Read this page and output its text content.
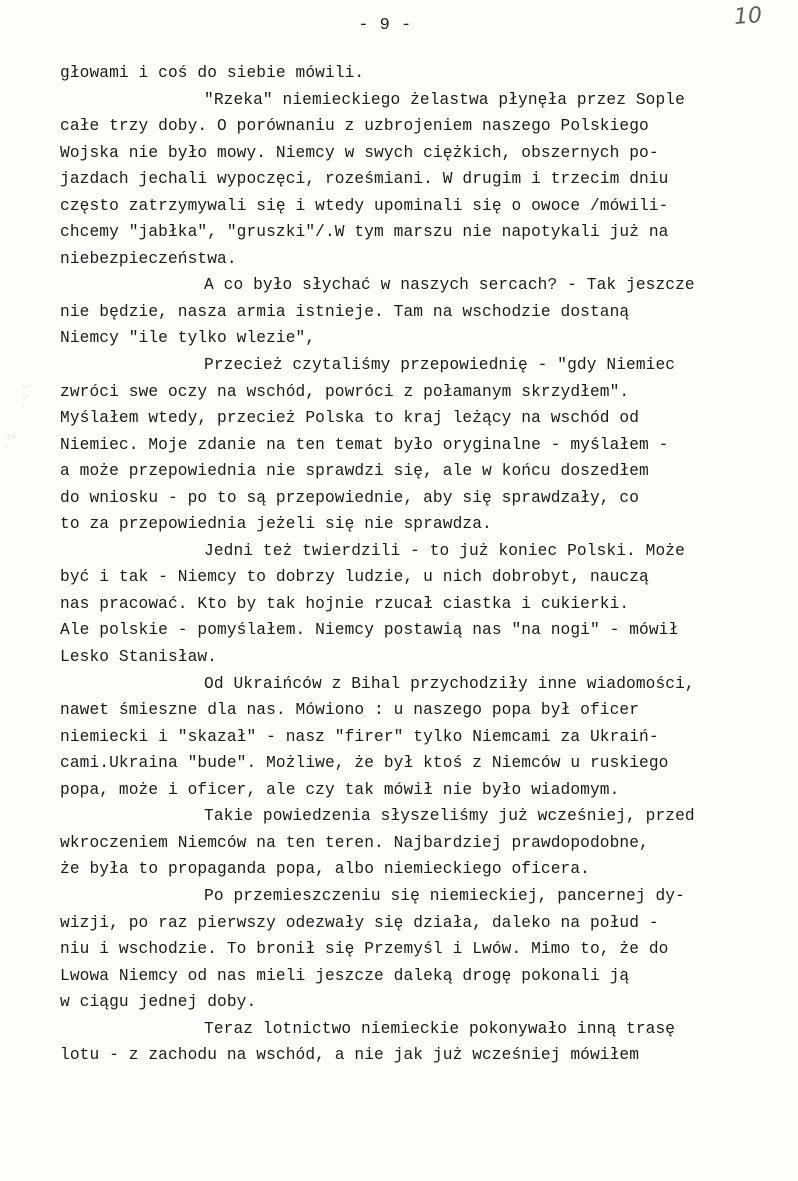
- 9 -	10
·-·-·
·:·-·
głowami i coś do siebie mówili.
"Rzeka" niemieckiego żelastwa płynęła przez Sople
całe trzy doby. O porównaniu z uzbrojeniem naszego Polskiego
Wojska nie było mowy. Niemcy w swych ciężkich, obszernych po-
jazdach jechali wypoczęci, roześmiani. W drugim i trzecim dniu
często zatrzymywali się i wtedy upominali się o owoce /mówili-
chcemy "jabłka", "gruszki"/.W tym marszu nie napotykali już na
niebezpieczeństwa.
A co było słychać w naszych sercach? - Tak jeszcze
nie będzie, nasza armia istnieje. Tam na wschodzie dostaną
Niemcy "ile tylko wlezie",
Przecież czytaliśmy przepowiednię - "gdy Niemiec
zwróci swe oczy na wschód, powróci z połamanym skrzydłem".
Myślałem wtedy, przecież Polska to kraj leżący na wschód od
Niemiec. Moje zdanie na ten temat było oryginalne - myślałem -
a może przepowiednia nie sprawdzi się, ale w końcu doszedłem
do wniosku - po to są przepowiednie, aby się sprawdzały, co
to za przepowiednia jeżeli się nie sprawdza.
Jedni też twierdzili - to już koniec Polski. Może
być i tak - Niemcy to dobrzy ludzie, u nich dobrobyt, nauczą
nas pracować. Kto by tak hojnie rzucał ciastka i cukierki.
Ale polskie - pomyślałem. Niemcy postawią nas "na nogi" - mówił
Lesko Stanisław.
Od Ukraińców z Bihal przychodziły inne wiadomości,
nawet śmieszne dla nas. Mówiono : u naszego popa był oficer
niemiecki i "skazał" - nasz "firer" tylko Niemcami za Ukraiń-
cami.Ukraina "bude". Możliwe, że był ktoś z Niemców u ruskiego
popa, może i oficer, ale czy tak mówił nie było wiadomym.
Takie powiedzenia słyszeliśmy już wcześniej, przed
wkroczeniem Niemców na ten teren. Najbardziej prawdopodobne,
że była to propaganda popa, albo niemieckiego oficera.
Po przemieszczeniu się niemieckiej, pancernej dy-
wizji, po raz pierwszy odezwały się działa, daleko na połud -
niu i wschodzie. To bronił się Przemyśl i Lwów. Mimo to, że do
Lwowa Niemcy od nas mieli jeszcze daleką drogę pokonali ją
w ciągu jednej doby.
Teraz lotnictwo niemieckie pokonywało inną trasę
lotu - z zachodu na wschód, a nie jak już wcześniej mówiłem
